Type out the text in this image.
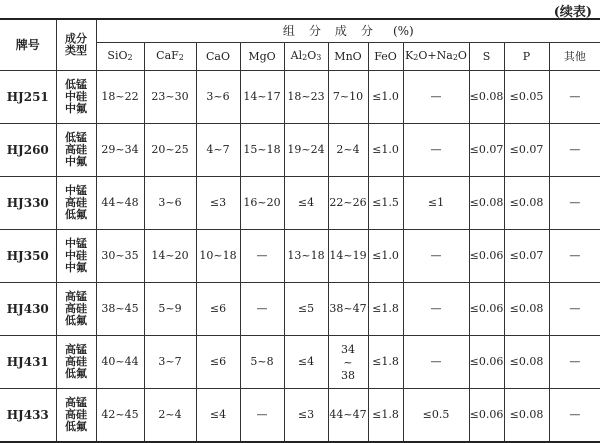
(续表)
牌号	成分
类型	组分成分 (%)										
		SiO$_2$	CaF$_2$	CaO	MgO	$Al_2O_3$	MnO	FeO	$K_2O+Na_2O$	S	P	其他
HJ251	低锰
中硅
中氟	18~22	23~30	3~6	14~17	18~23	7~10	≤1.0	—	≤0.08	≤0.05	—
HJ260	低锰
高硅
中氟	29~34	20~25	4~7	15~18	19~24	2~4	≤1.0	—	≤0.07	≤0.07	—
HJ330	中锰
高硅
低氟	44~48	3~6	≤3	16~20	≤4	22~26	≤1.5	≤1	≤0.08	≤0.08	—
HJ350	中锰
中硅
中氟	30~35	14~20	10~18	—	13~18	14~19	≤1.0	—	≤0.06	≤0.07	—
HJ430	高锰
高硅
低氟	38~45	5~9	≤6	—	≤5	38~47	≤1.8	—	≤0.06	≤0.08	—
HJ431	高锰
高硅
低氟	40~44	3~7	≤6	5~8	≤4	34
~
38	≤1.8	—	≤0.06	≤0.08	—
HJ433	高锰
高硅
低氟	42~45	2~4	≤4	—	≤3	44~47	≤1.8	≤0.5	≤0.06	≤0.08	—
